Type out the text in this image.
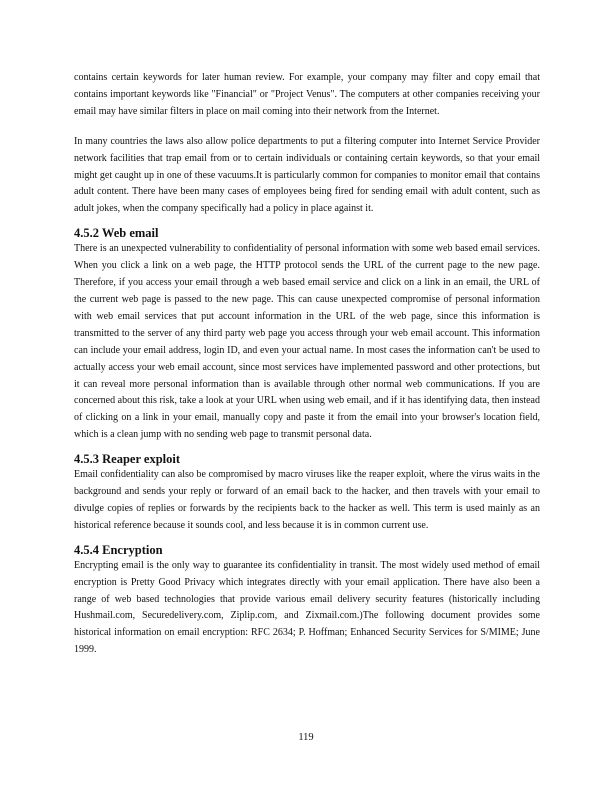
contains certain keywords for later human review. For example, your company may filter and copy email that contains important keywords like "Financial" or "Project Venus". The computers at other companies receiving your email may have similar filters in place on mail coming into their network from the Internet.

In many countries the laws also allow police departments to put a filtering computer into Internet Service Provider network facilities that trap email from or to certain individuals or containing certain keywords, so that your email might get caught up in one of these vacuums.It is particularly common for companies to monitor email that contains adult content. There have been many cases of employees being fired for sending email with adult content, such as adult jokes, when the company specifically had a policy in place against it.

4.5.2 Web email

There is an unexpected vulnerability to confidentiality of personal information with some web based email services. When you click a link on a web page, the HTTP protocol sends the URL of the current page to the new page. Therefore, if you access your email through a web based email service and click on a link in an email, the URL of the current web page is passed to the new page. This can cause unexpected compromise of personal information with web email services that put account information in the URL of the web page, since this information is transmitted to the server of any third party web page you access through your web email account. This information can include your email address, login ID, and even your actual name. In most cases the information can't be used to actually access your web email account, since most services have implemented password and other protections, but it can reveal more personal information than is available through other normal web communications. If you are concerned about this risk, take a look at your URL when using web email, and if it has identifying data, then instead of clicking on a link in your email, manually copy and paste it from the email into your browser's location field, which is a clean jump with no sending web page to transmit personal data.

4.5.3 Reaper exploit

Email confidentiality can also be compromised by macro viruses like the reaper exploit, where the virus waits in the background and sends your reply or forward of an email back to the hacker, and then travels with your email to divulge copies of replies or forwards by the recipients back to the hacker as well. This term is used mainly as an historical reference because it sounds cool, and less because it is in common current use.

4.5.4 Encryption

Encrypting email is the only way to guarantee its confidentiality in transit. The most widely used method of email encryption is Pretty Good Privacy which integrates directly with your email application. There have also been a range of web based technologies that provide various email delivery security features (historically including Hushmail.com, Securedelivery.com, Ziplip.com, and Zixmail.com.)The following document provides some historical information on email encryption: RFC 2634; P. Hoffman; Enhanced Security Services for S/MIME; June 1999.

119
